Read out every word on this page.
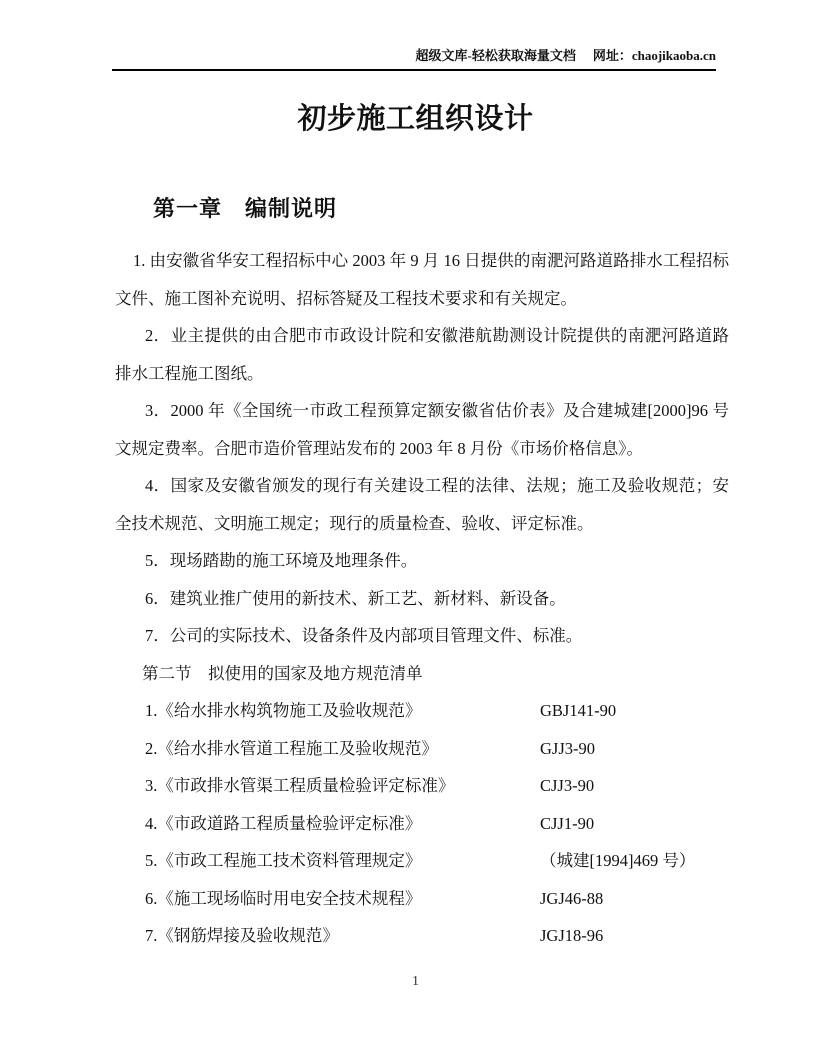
超级文库-轻松获取海量文档 网址：chaojikaoba.cn
初步施工组织设计
第一章　编制说明
1. 由安徽省华安工程招标中心 2003 年 9 月 16 日提供的南淝河路道路排水工程招标文件、施工图补充说明、招标答疑及工程技术要求和有关规定。
2．业主提供的由合肥市市政设计院和安徽港航勘测设计院提供的南淝河路道路排水工程施工图纸。
3．2000 年《全国统一市政工程预算定额安徽省估价表》及合建城建[2000]96 号文规定费率。合肥市造价管理站发布的 2003 年 8 月份《市场价格信息》。
4．国家及安徽省颁发的现行有关建设工程的法律、法规；施工及验收规范；安全技术规范、文明施工规定；现行的质量检查、验收、评定标准。
5．现场踏勘的施工环境及地理条件。
6．建筑业推广使用的新技术、新工艺、新材料、新设备。
7．公司的实际技术、设备条件及内部项目管理文件、标准。
第二节　拟使用的国家及地方规范清单
1.《给水排水构筑物施工及验收规范》	GBJ141-90
2.《给水排水管道工程施工及验收规范》	GJJ3-90
3.《市政排水管渠工程质量检验评定标准》	CJJ3-90
4.《市政道路工程质量检验评定标准》	CJJ1-90
5.《市政工程施工技术资料管理规定》	（城建[1994]469 号）
6.《施工现场临时用电安全技术规程》	JGJ46-88
7.《钢筋焊接及验收规范》	JGJ18-96
1
